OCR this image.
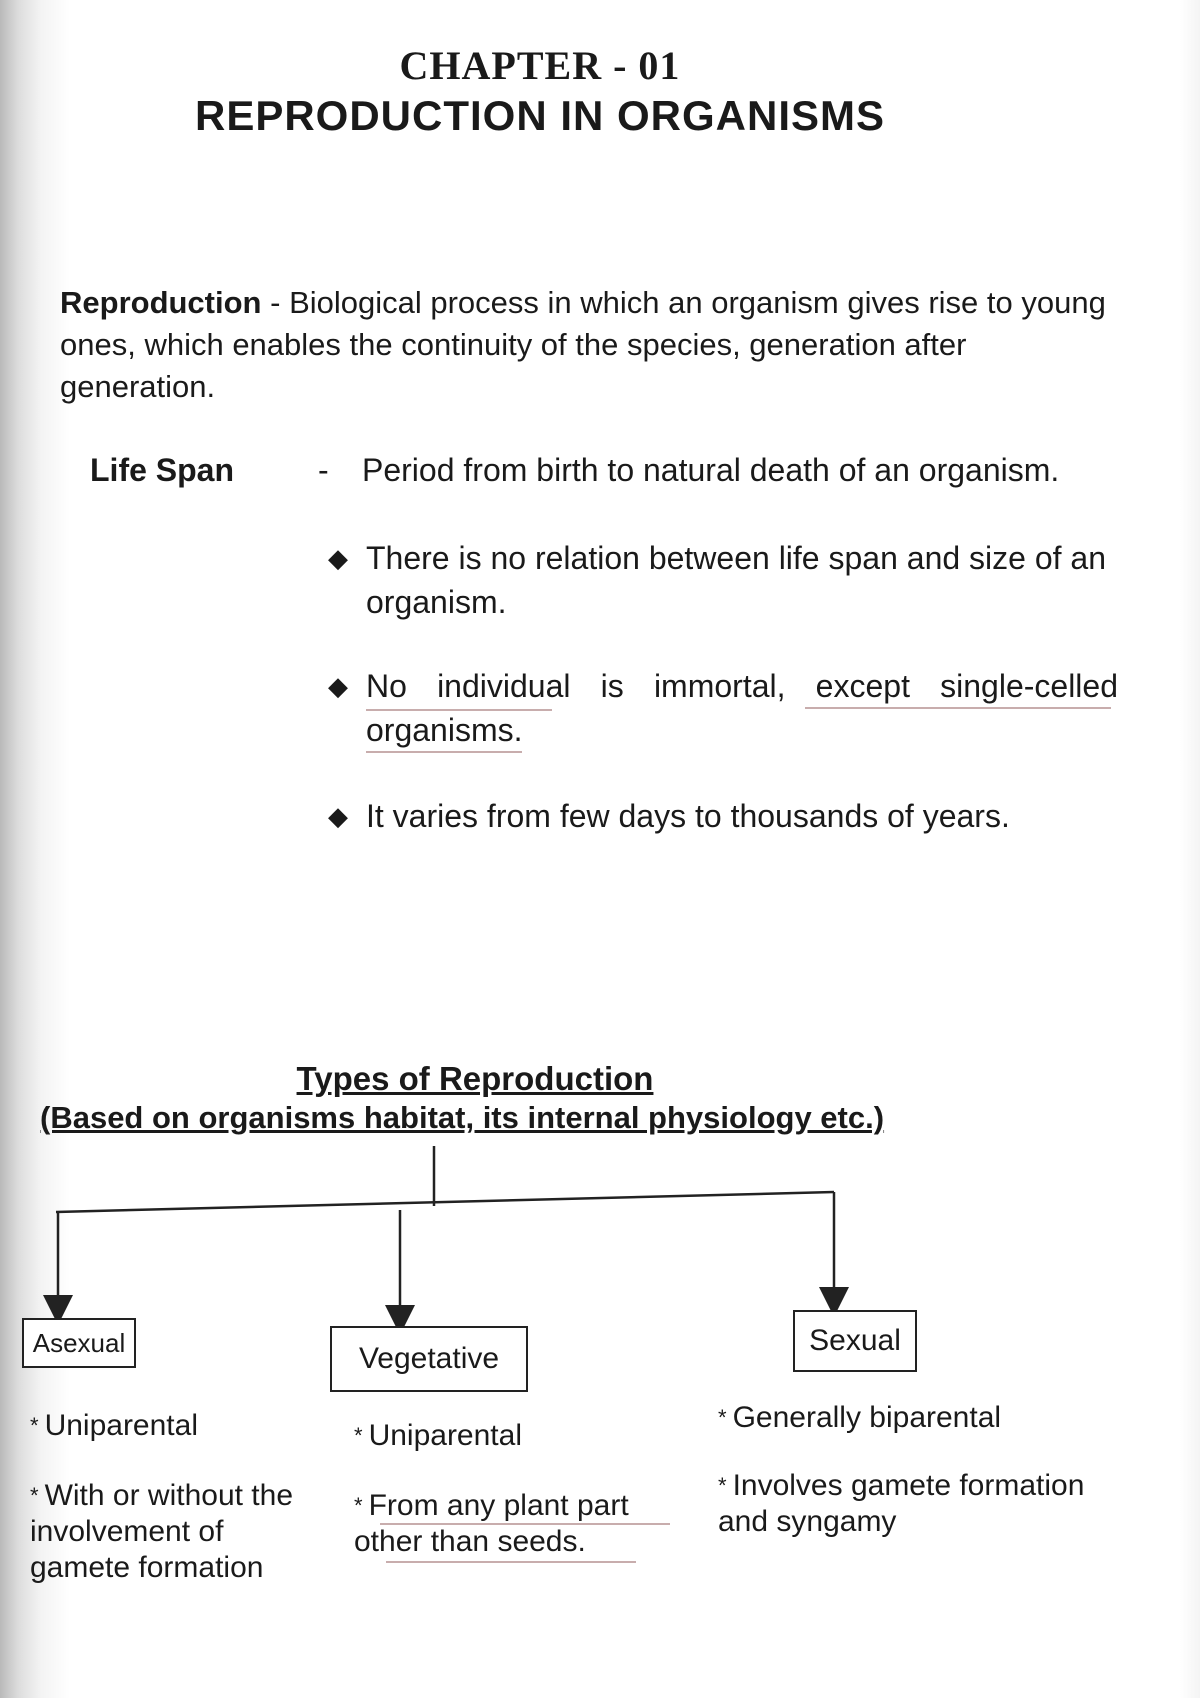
CHAPTER - 01
REPRODUCTION IN ORGANISMS
Reproduction - Biological process in which an organism gives rise to young ones, which enables the continuity of the species, generation after generation.
Life Span	- Period from birth to natural death of an organism.
◆ There is no relation between life span and size of an organism.
◆ No individual is immortal, except single-celled organisms.
◆ It varies from few days to thousands of years.
Types of Reproduction
(Based on organisms habitat, its internal physiology etc.)
Asexual	Vegetative
Sexual
* Uniparental
* With or without the involvement of gamete formation
* Uniparental
* From any plant part other than seeds.
* Generally biparental
* Involves gamete formation and syngamy
